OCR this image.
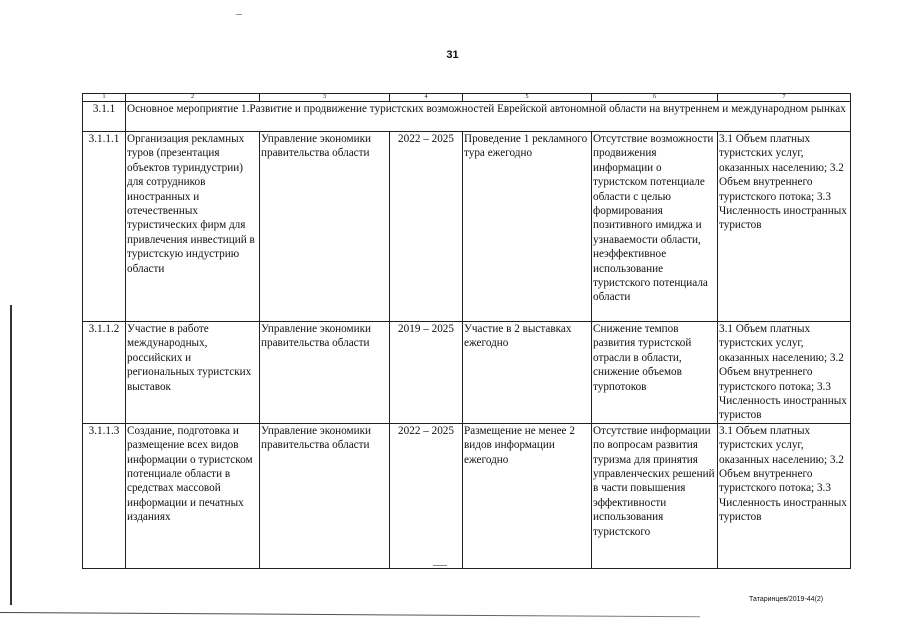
31
1	2	3	4	5	6	7
3.1.1	Основное мероприятие 1.Развитие и продвижение туристских возможностей Еврейской автономной области на внутреннем и международном рынках					
3.1.1.1	Организация рекламных туров (презентация объектов туриндустрии) для сотрудников иностранных и отечественных туристических фирм для привлечения инвестиций в туристскую индустрию области	Управление экономики правительства области	2022 – 2025	Проведение 1 рекламного тура ежегодно	Отсутствие возможности продвижения информации о туристском потенциале области с целью формирования позитивного имиджа и узнаваемости области, неэффективное использование туристского потенциала области	3.1 Объем платных туристских услуг, оказанных населению; 3.2 Объем внутреннего туристского потока; 3.3 Численность иностранных туристов
3.1.1.2	Участие в работе международных, российских и региональных туристских выставок	Управление экономики правительства области	2019 – 2025	Участие в 2 выставках ежегодно	Снижение темпов развития туристской отрасли в области, снижение объемов турпотоков	3.1 Объем платных туристских услуг, оказанных населению; 3.2 Объем внутреннего туристского потока; 3.3 Численность иностранных туристов
3.1.1.3	Создание, подготовка и размещение всех видов информации о туристском потенциале области в средствах массовой информации и печатных изданиях	Управление экономики правительства области	2022 – 2025	Размещение не менее 2 видов информации ежегодно	Отсутствие информации по вопросам развития туризма для принятия управленческих решений в части повышения эффективности использования туристского	3.1 Объем платных туристских услуг, оказанных населению; 3.2 Объем внутреннего туристского потока; 3.3 Численность иностранных туристов
Татаринцев/2019-44(2)
